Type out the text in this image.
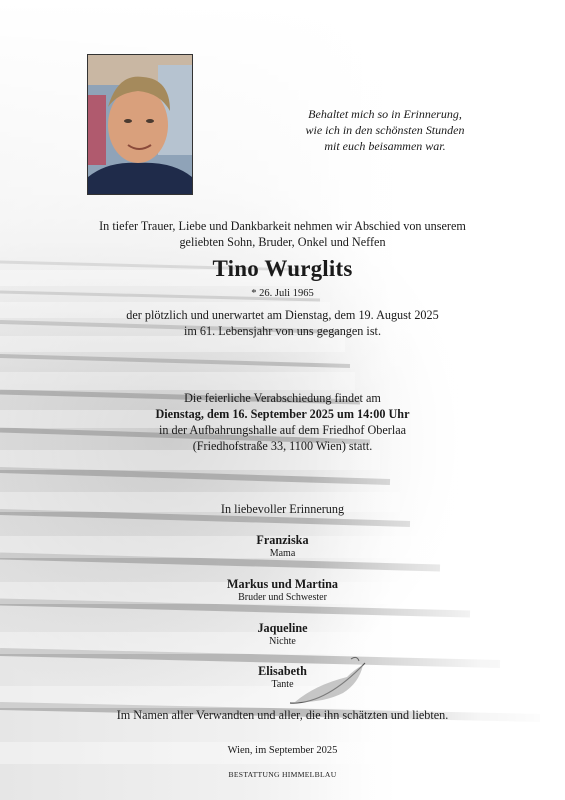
Behaltet mich so in Erinnerung,
wie ich in den schönsten Stunden
mit euch beisammen war.
In tiefer Trauer, Liebe und Dankbarkeit nehmen wir Abschied von unserem
geliebten Sohn, Bruder, Onkel und Neffen
Tino Wurglits
* 26. Juli 1965
der plötzlich und unerwartet am Dienstag, dem 19. August 2025
im 61. Lebensjahr von uns gegangen ist.
Die feierliche Verabschiedung findet am
Dienstag, dem 16. September 2025 um 14:00 Uhr
in der Aufbahrungshalle auf dem Friedhof Oberlaa
(Friedhofstraße 33, 1100 Wien) statt.
In liebevoller Erinnerung
Franziska
Mama
Markus und Martina
Bruder und Schwester
Jaqueline
Nichte
Elisabeth
Tante
Im Namen aller Verwandten und aller, die ihn schätzten und liebten.
Wien, im September 2025
BESTATTUNG HIMMELBLAU
